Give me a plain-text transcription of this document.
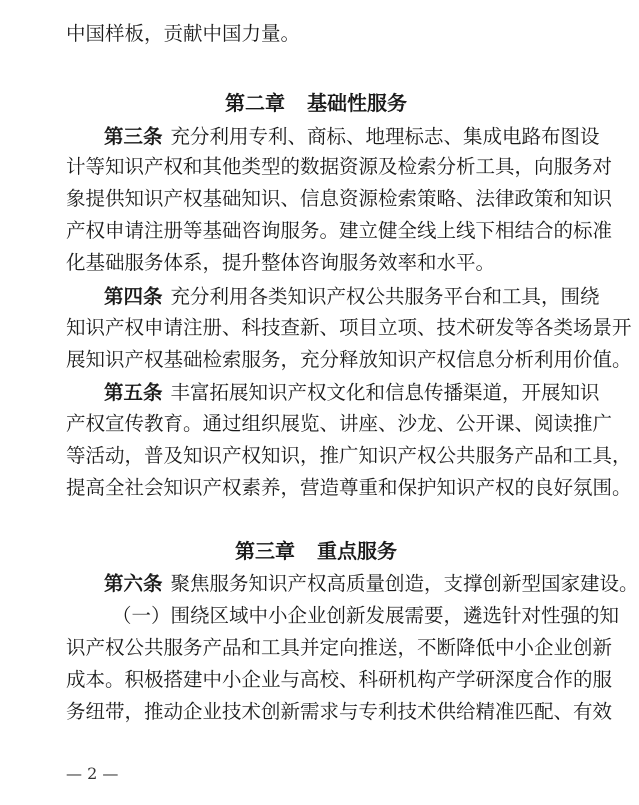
中国样板，贡献中国力量。
第二章 基础性服务
第三条 充分利用专利、商标、地理标志、集成电路布图设
计等知识产权和其他类型的数据资源及检索分析工具，向服务对
象提供知识产权基础知识、信息资源检索策略、法律政策和知识
产权申请注册等基础咨询服务。建立健全线上线下相结合的标准
化基础服务体系，提升整体咨询服务效率和水平。
第四条 充分利用各类知识产权公共服务平台和工具，围绕
知识产权申请注册、科技查新、项目立项、技术研发等各类场景开
展知识产权基础检索服务，充分释放知识产权信息分析利用价值。
第五条 丰富拓展知识产权文化和信息传播渠道，开展知识
产权宣传教育。通过组织展览、讲座、沙龙、公开课、阅读推广
等活动，普及知识产权知识，推广知识产权公共服务产品和工具，
提高全社会知识产权素养，营造尊重和保护知识产权的良好氛围。
第三章 重点服务
第六条 聚焦服务知识产权高质量创造，支撑创新型国家建设。
（一）围绕区域中小企业创新发展需要，遴选针对性强的知
识产权公共服务产品和工具并定向推送，不断降低中小企业创新
成本。积极搭建中小企业与高校、科研机构产学研深度合作的服
务纽带，推动企业技术创新需求与专利技术供给精准匹配、有效
— 2 —
